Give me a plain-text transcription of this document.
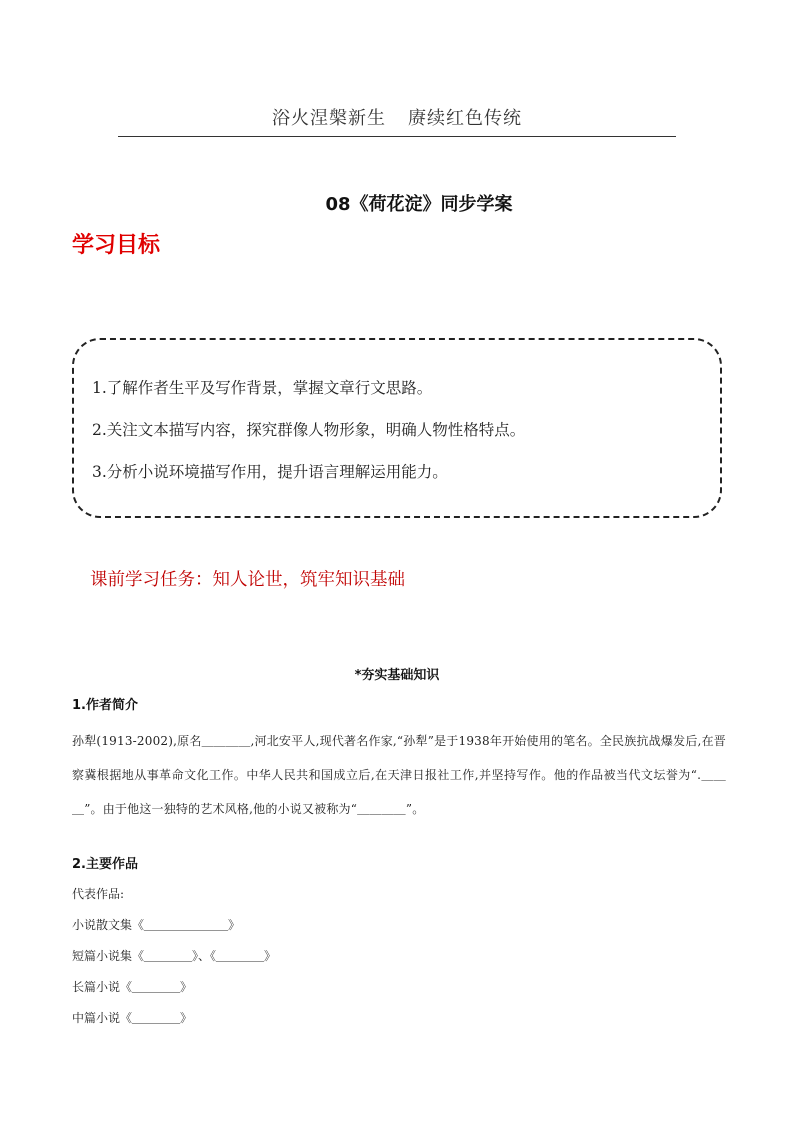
浴火涅槃新生 赓续红色传统
08《荷花淀》同步学案
学习目标
1.了解作者生平及写作背景，掌握文章行文思路。
2.关注文本描写内容，探究群像人物形象，明确人物性格特点。
3.分析小说环境描写作用，提升语言理解运用能力。
课前学习任务：知人论世，筑牢知识基础
*夯实基础知识
1.作者简介
孙犁(1913-2002),原名＿＿＿＿,河北安平人,现代著名作家,“孙犁”是于1938年开始使用的笔名。全民族抗战爆发后,在晋察冀根据地从事革命文化工作。中华人民共和国成立后,在天津日报社工作,并坚持写作。他的作品被当代文坛誉为“.＿＿＿”。由于他这一独特的艺术风格,他的小说又被称为“＿＿＿＿”。
2.主要作品
代表作品:
小说散文集《＿＿＿＿＿＿＿》
短篇小说集《＿＿＿＿》、《＿＿＿＿》
长篇小说《＿＿＿＿》
中篇小说《＿＿＿＿》
